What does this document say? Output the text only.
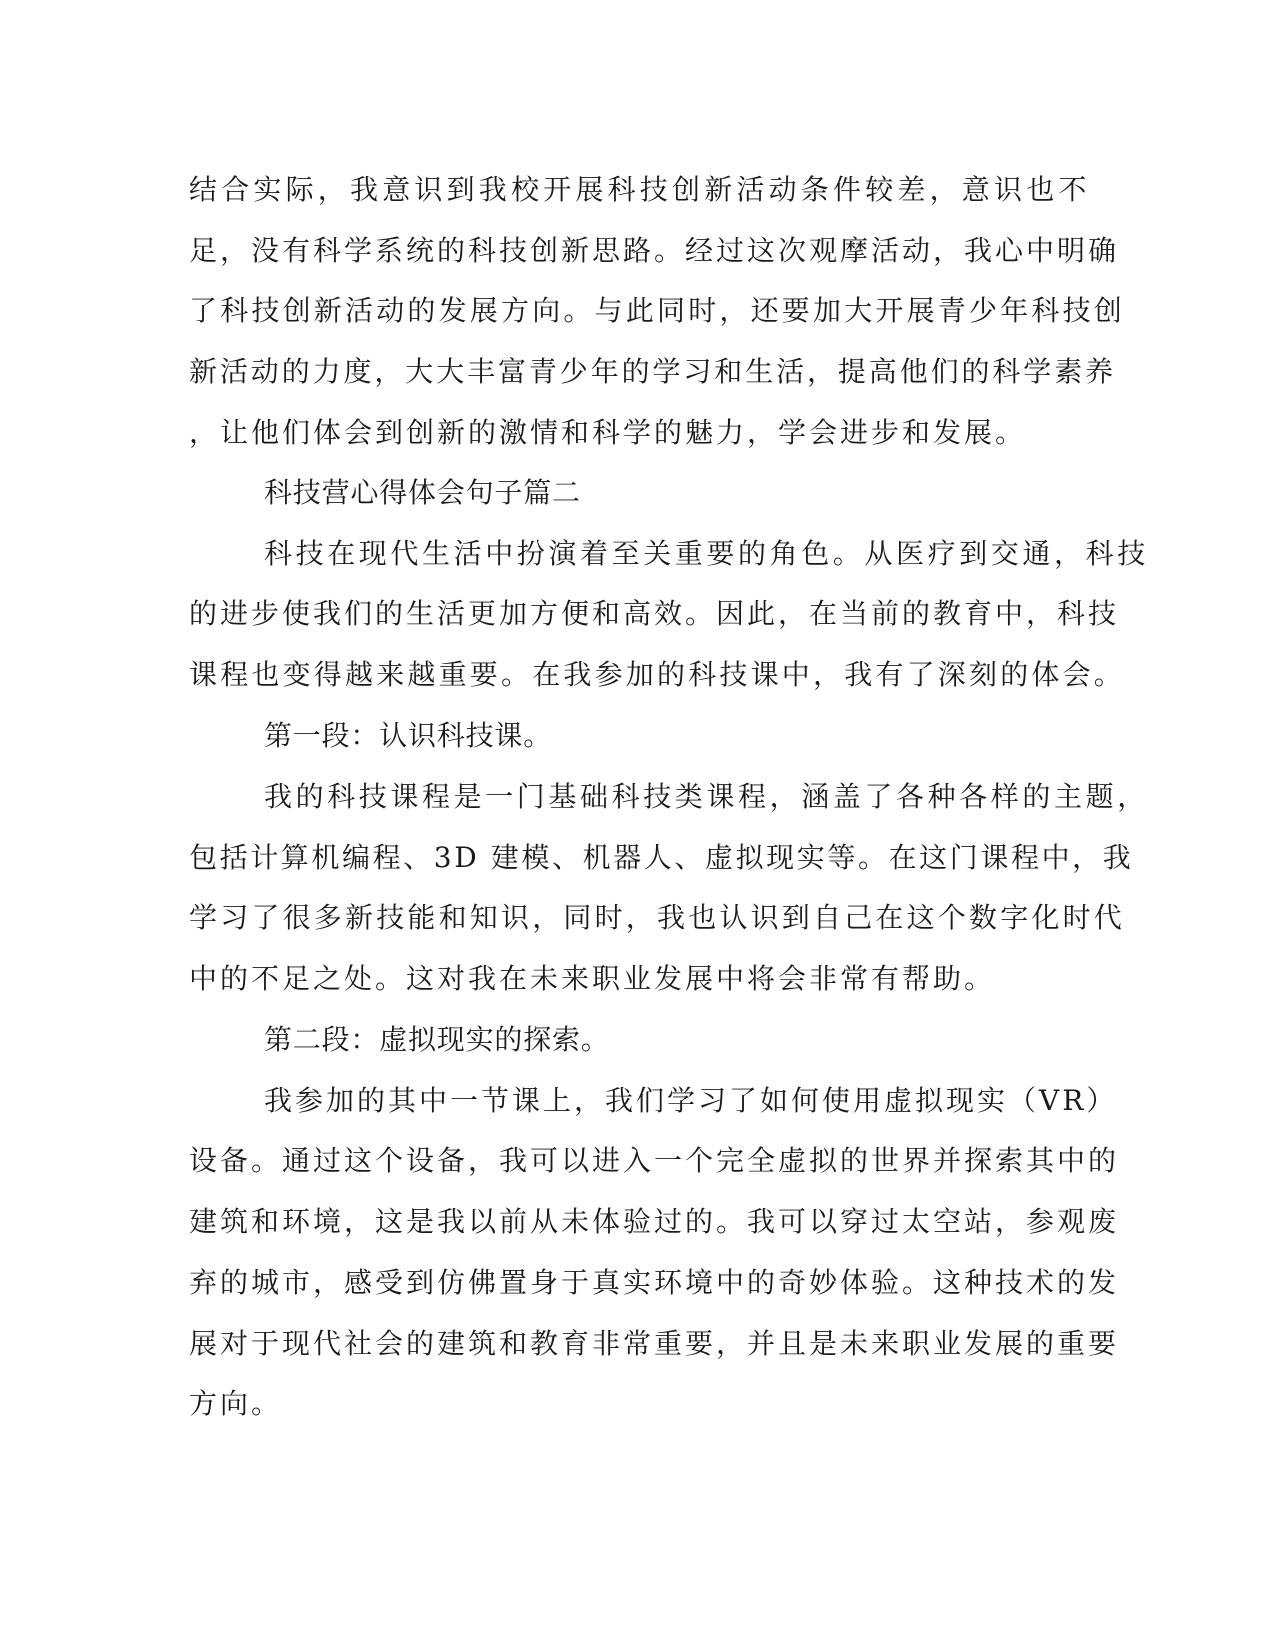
结合实际，我意识到我校开展科技创新活动条件较差，意识也不

足，没有科学系统的科技创新思路。经过这次观摩活动，我心中明确

了科技创新活动的发展方向。与此同时，还要加大开展青少年科技创

新活动的力度，大大丰富青少年的学习和生活，提高他们的科学素养

，让他们体会到创新的激情和科学的魅力，学会进步和发展。

科技营心得体会句子篇二

科技在现代生活中扮演着至关重要的角色。从医疗到交通，科技

的进步使我们的生活更加方便和高效。因此，在当前的教育中，科技

课程也变得越来越重要。在我参加的科技课中，我有了深刻的体会。

第一段：认识科技课。

我的科技课程是一门基础科技类课程，涵盖了各种各样的主题，

包括计算机编程、3D 建模、机器人、虚拟现实等。在这门课程中，我

学习了很多新技能和知识，同时，我也认识到自己在这个数字化时代

中的不足之处。这对我在未来职业发展中将会非常有帮助。

第二段：虚拟现实的探索。

我参加的其中一节课上，我们学习了如何使用虚拟现实（VR）

设备。通过这个设备，我可以进入一个完全虚拟的世界并探索其中的

建筑和环境，这是我以前从未体验过的。我可以穿过太空站，参观废

弃的城市，感受到仿佛置身于真实环境中的奇妙体验。这种技术的发

展对于现代社会的建筑和教育非常重要，并且是未来职业发展的重要

方向。
